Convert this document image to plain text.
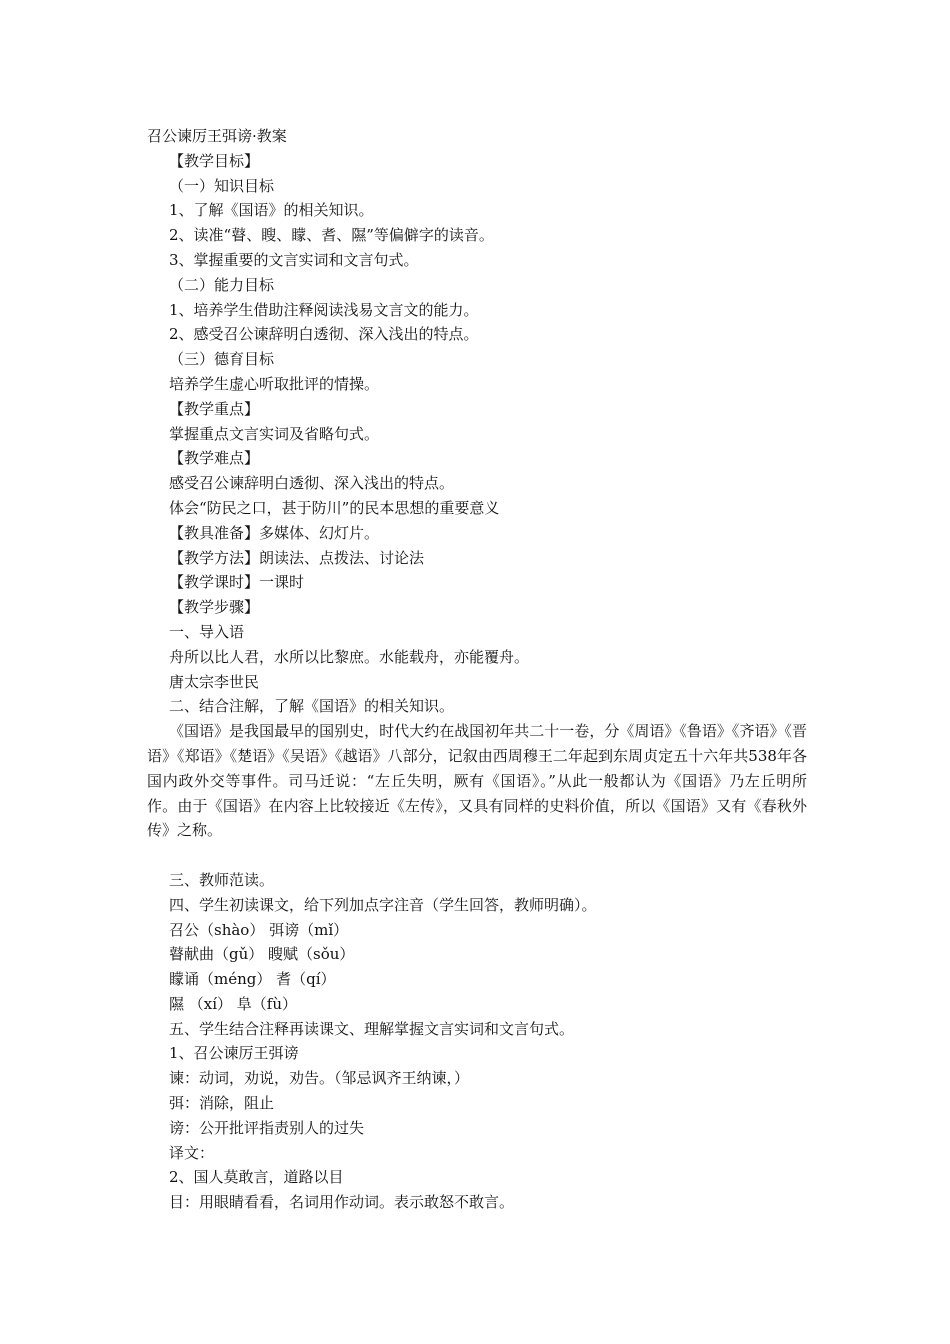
召公谏厉王弭谤·教案
【教学目标】
（一）知识目标
1、了解《国语》的相关知识。
2、读准“瞽、瞍、矇、耆、隰”等偏僻字的读音。
3、掌握重要的文言实词和文言句式。
（二）能力目标
1、培养学生借助注释阅读浅易文言文的能力。
2、感受召公谏辞明白透彻、深入浅出的特点。
（三）德育目标
培养学生虚心听取批评的情操。
【教学重点】
掌握重点文言实词及省略句式。
【教学难点】
感受召公谏辞明白透彻、深入浅出的特点。
体会“防民之口，甚于防川”的民本思想的重要意义
【教具准备】多媒体、幻灯片。
【教学方法】朗读法、点拨法、讨论法
【教学课时】一课时
【教学步骤】
一、导入语
舟所以比人君，水所以比黎庶。水能载舟，亦能覆舟。
唐太宗李世民
二、结合注解，了解《国语》的相关知识。
《国语》是我国最早的国别史，时代大约在战国初年共二十一卷，分《周语》《鲁语》《齐语》《晋语》《郑语》《楚语》《吴语》《越语》八部分，记叙由西周穆王二年起到东周贞定五十六年共538年各国内政外交等事件。司马迁说：“左丘失明，厥有《国语》。”从此一般都认为《国语》乃左丘明所作。由于《国语》在内容上比较接近《左传》，又具有同样的史料价值，所以《国语》又有《春秋外传》之称。
三、教师范读。
四、学生初读课文，给下列加点字注音（学生回答，教师明确）。
召公（shào） 弭谤（mǐ）
瞽献曲（gǔ） 瞍赋（sǒu）
矇诵（méng） 耆（qí）
隰 （xí） 阜（fù）
五、学生结合注释再读课文、理解掌握文言实词和文言句式。
1、召公谏厉王弭谤
谏：动词，劝说，劝告。（邹忌讽齐王纳谏，）
弭：消除，阻止
谤：公开批评指责别人的过失
译文：
2、国人莫敢言，道路以目
目：用眼睛看看，名词用作动词。表示敢怒不敢言。
